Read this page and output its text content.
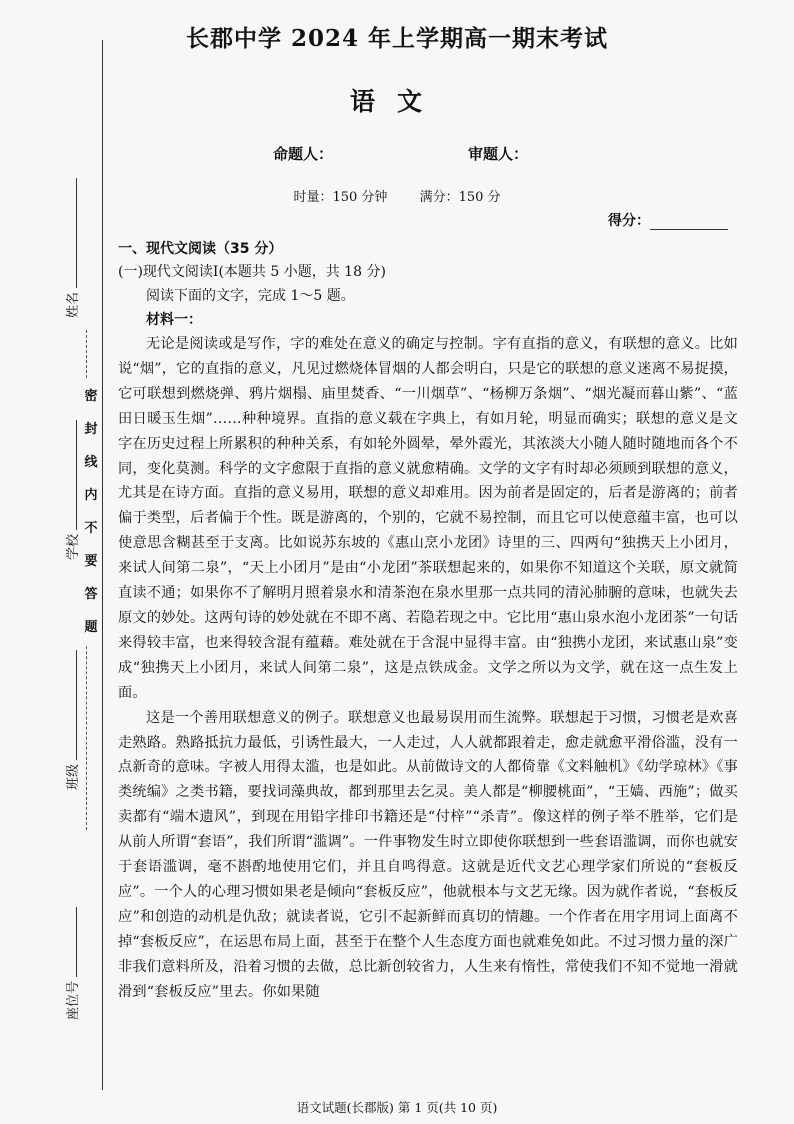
姓名
学校
班级
座位号
密
封
线
内
不
要
答
题
长郡中学 2024 年上学期高一期末考试
语文
命题人：	审题人：
时量：150 分钟 满分：150 分
得分：
一、现代文阅读（35 分）
(一)现代文阅读Ⅰ(本题共 5 小题，共 18 分)
阅读下面的文字，完成 1～5 题。
材料一：

无论是阅读或是写作，字的难处在意义的确定与控制。字有直指的意义，有联想的意义。比如说“烟”，它的直指的意义，凡见过燃烧体冒烟的人都会明白，只是它的联想的意义迷离不易捉摸，它可联想到燃烧弹、鸦片烟榻、庙里焚香、“一川烟草”、“杨柳万条烟”、“烟光凝而暮山紫”、“蓝田日暖玉生烟”……种种境界。直指的意义载在字典上，有如月轮，明显而确实；联想的意义是文字在历史过程上所累积的种种关系，有如轮外圆晕，晕外霞光，其浓淡大小随人随时随地而各个不同，变化莫测。科学的文字愈限于直指的意义就愈精确。文学的文字有时却必须顾到联想的意义，尤其是在诗方面。直指的意义易用，联想的意义却难用。因为前者是固定的，后者是游离的；前者偏于类型，后者偏于个性。既是游离的，个别的，它就不易控制，而且它可以使意蕴丰富，也可以使意思含糊甚至于支离。比如说苏东坡的《惠山烹小龙团》诗里的三、四两句“独携天上小团月，来试人间第二泉”，“天上小团月”是由“小龙团”茶联想起来的，如果你不知道这个关联，原文就简直读不通；如果你不了解明月照着泉水和清茶泡在泉水里那一点共同的清沁肺腑的意味，也就失去原文的妙处。这两句诗的妙处就在不即不离、若隐若现之中。它比用“惠山泉水泡小龙团茶”一句话来得较丰富，也来得较含混有蕴藉。难处就在于含混中显得丰富。由“独携小龙团，来试惠山泉”变成“独携天上小团月，来试人间第二泉”，这是点铁成金。文学之所以为文学，就在这一点生发上面。

这是一个善用联想意义的例子。联想意义也最易误用而生流弊。联想起于习惯，习惯老是欢喜走熟路。熟路抵抗力最低，引诱性最大，一人走过，人人就都跟着走，愈走就愈平滑俗滥，没有一点新奇的意味。字被人用得太滥，也是如此。从前做诗文的人都倚靠《文料触机》《幼学琼林》《事类统编》之类书籍，要找词藻典故，都到那里去乞灵。美人都是“柳腰桃面”，“王嫱、西施”；做买卖都有“端木遗风”，到现在用铅字排印书籍还是“付梓”“杀青”。像这样的例子举不胜举，它们是从前人所谓“套语”，我们所谓“滥调”。一件事物发生时立即使你联想到一些套语滥调，而你也就安于套语滥调，毫不斟酌地使用它们，并且自鸣得意。这就是近代文艺心理学家们所说的“套板反应”。一个人的心理习惯如果老是倾向“套板反应”，他就根本与文艺无缘。因为就作者说，“套板反应”和创造的动机是仇敌；就读者说，它引不起新鲜而真切的情趣。一个作者在用字用词上面离不掉“套板反应”，在运思布局上面，甚至于在整个人生态度方面也就难免如此。不过习惯力量的深广非我们意料所及，沿着习惯的去做，总比新创较省力，人生来有惰性，常使我们不知不觉地一滑就滑到“套板反应”里去。你如果随

语文试题(长郡版) 第 1 页(共 10 页)
